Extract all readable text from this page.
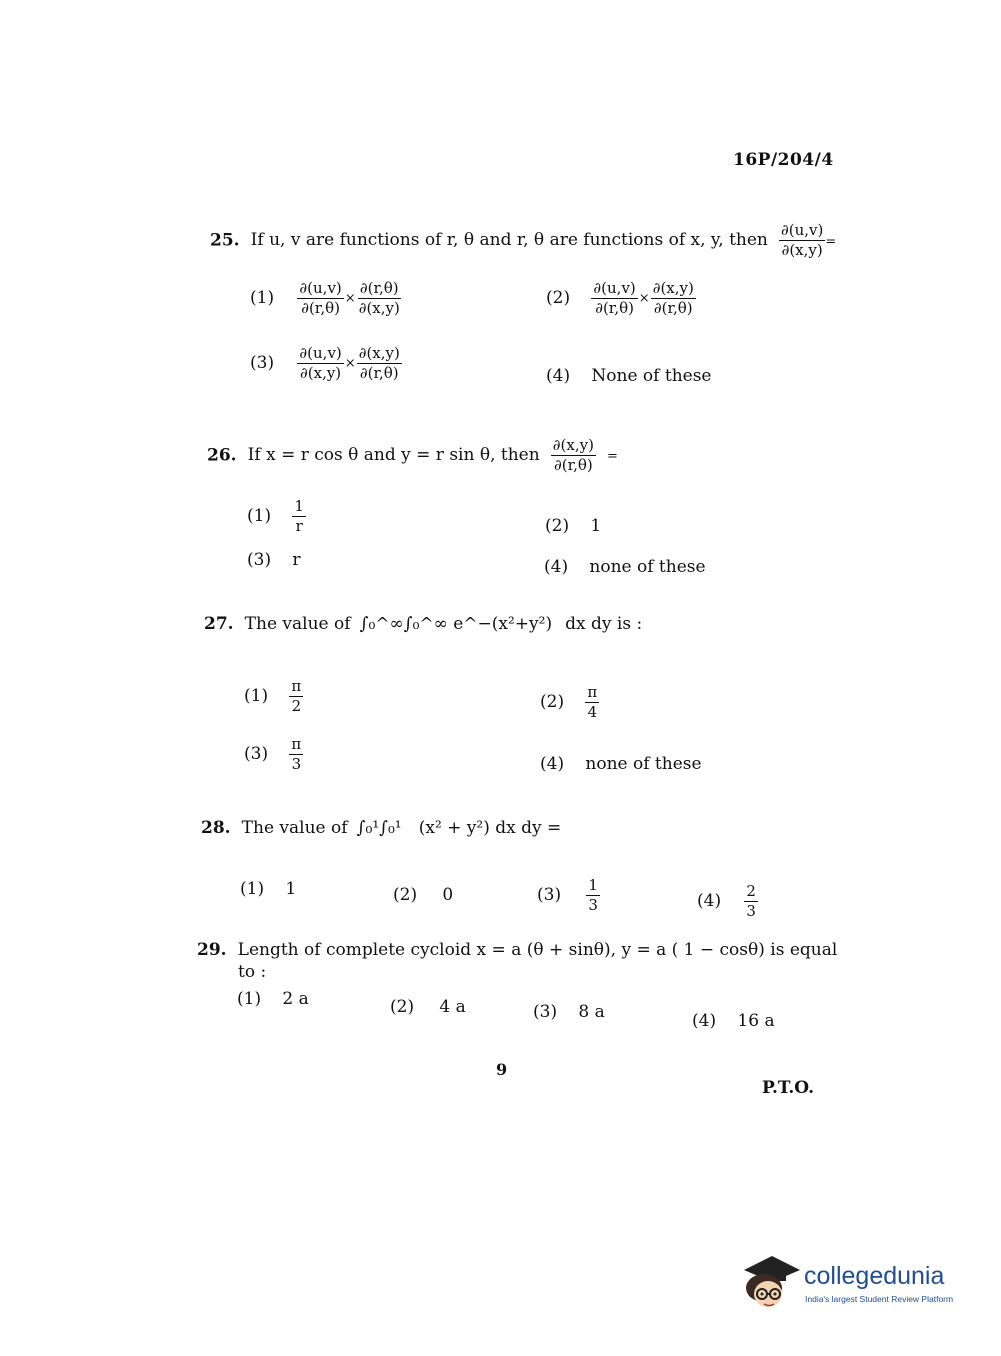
16P/204/4
25. If u, v are functions of r, θ and r, θ are functions of x, y, then $\frac{\partial(u,v)}{\partial(x,y)}$ =
$(1) \frac{\partial(u,v)}{\partial(r,\theta)} \times \frac{\partial(r,\theta)}{\partial(x,y)}$	$(2) \frac{\partial(u,v)}{\partial(r,\theta)} \times \frac{\partial(x,y)}{\partial(r,\theta)}$
$(3) \frac{\partial(u,v)}{\partial(x,y)} \times \frac{\partial(x,y)}{\partial(r,\theta)}$	(4) None of these
26. If x = r cos θ and y = r sin θ, then $\frac{\partial(x,y)}{\partial(r,\theta)}$ =
$(1) \frac{1}{r}$	(2) 1
(3) r	(4) none of these
27. The value of ∫₀^∞∫₀^∞ e^−(x²+y²) dx dy is :
$(1) \frac{\pi}{2}$	$(2) \frac{\pi}{4}$
$(3) \frac{\pi}{3}$	(4) none of these
28. The value of ∫₀¹∫₀¹ (x² + y²) dx dy =
(1) 1	(2) 0	$(3) \frac{1}{3}$	$(4) \frac{2}{3}$
29. Length of complete cycloid x = a (θ + sinθ), y = a ( 1 − cosθ) is equal
to :
(1) 2 a	(2) 4 a	(3) 8 a	(4) 16 a
9
P.T.O.
collegedunia
India's largest Student Review Platform
